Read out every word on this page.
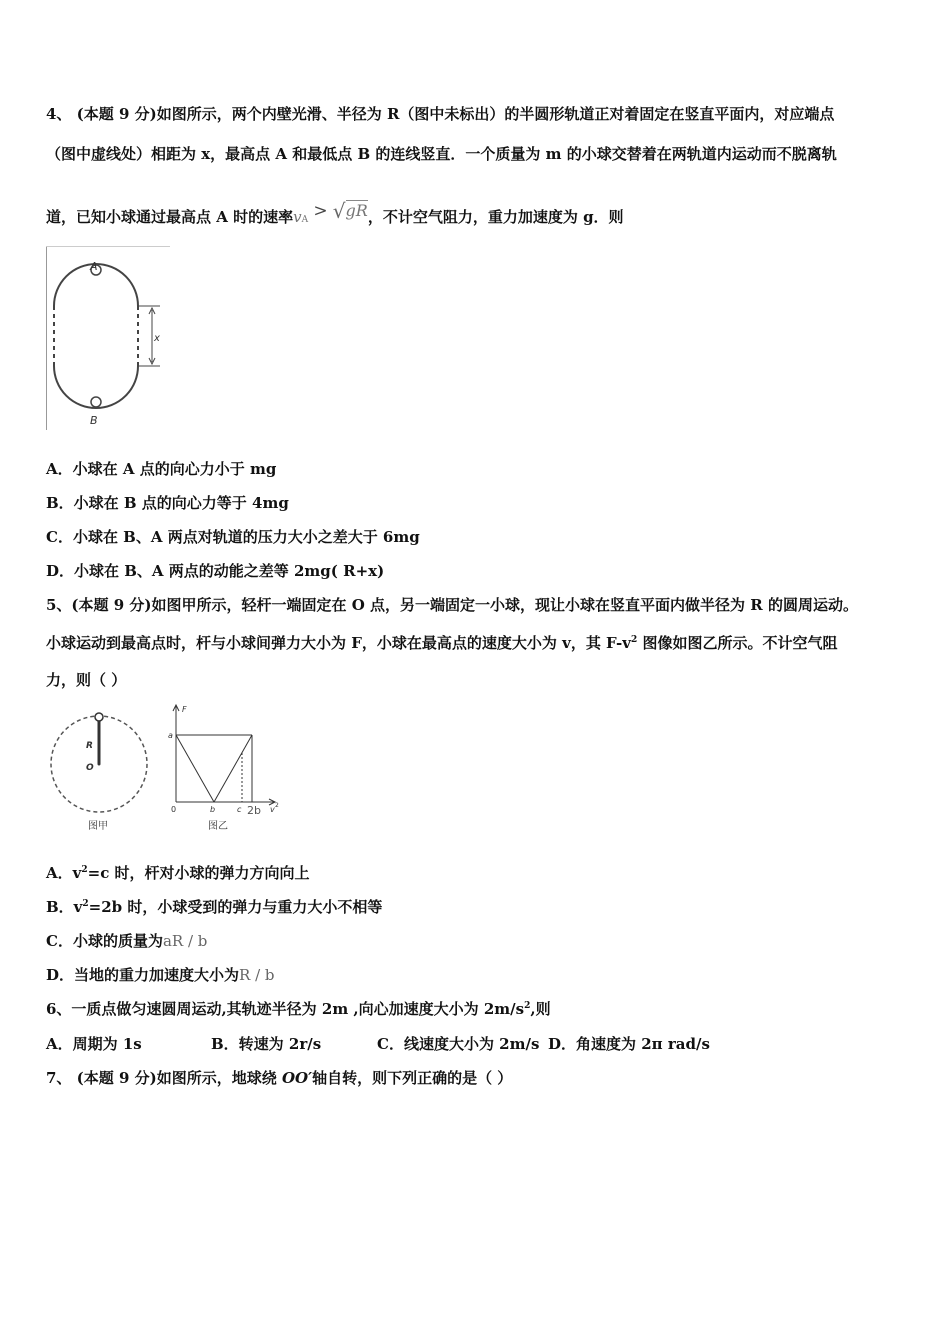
4、 (本题 9 分)如图所示，两个内壁光滑、半径为 R（图中未标出）的半圆形轨道正对着固定在竖直平面内，对应端点
（图中虚线处）相距为 x，最高点 A 和最低点 B 的连线竖直．一个质量为 m 的小球交替着在两轨道内运动而不脱离轨
道，已知小球通过最高点 A 时的速率vA > √gR，不计空气阻力，重力加速度为 g．则
x
A
B
A．小球在 A 点的向心力小于 mg
B．小球在 B 点的向心力等于 4mg
C．小球在 B、A 两点对轨道的压力大小之差大于 6mg
D．小球在 B、A 两点的动能之差等 2mg( R+x)
5、(本题 9 分)如图甲所示，轻杆一端固定在 O 点，另一端固定一小球，现让小球在竖直平面内做半径为 R 的圆周运动。
小球运动到最高点时，杆与小球间弹力大小为 F，小球在最高点的速度大小为 v，其 $F-v^2$ 图像如图乙所示。不计空气阻
力，则（ ）
R
O
图甲
F
a
0	b	c 2b v 2
图乙
A．$v^2=c$ 时，杆对小球的弹力方向向上
B．$v^2=2b$ 时，小球受到的弹力与重力大小不相等
C．小球的质量为aR / b
D．当地的重力加速度大小为R / b
6、一质点做匀速圆周运动,其轨迹半径为 2m ,向心加速度大小为 $2m/s^2$,则
A．周期为 1s	B．转速为 2r/s	C．线速度大小为 2m/s D．角速度为 2π rad/s
7、 (本题 9 分)如图所示，地球绕 OO′轴自转，则下列正确的是（ ）
